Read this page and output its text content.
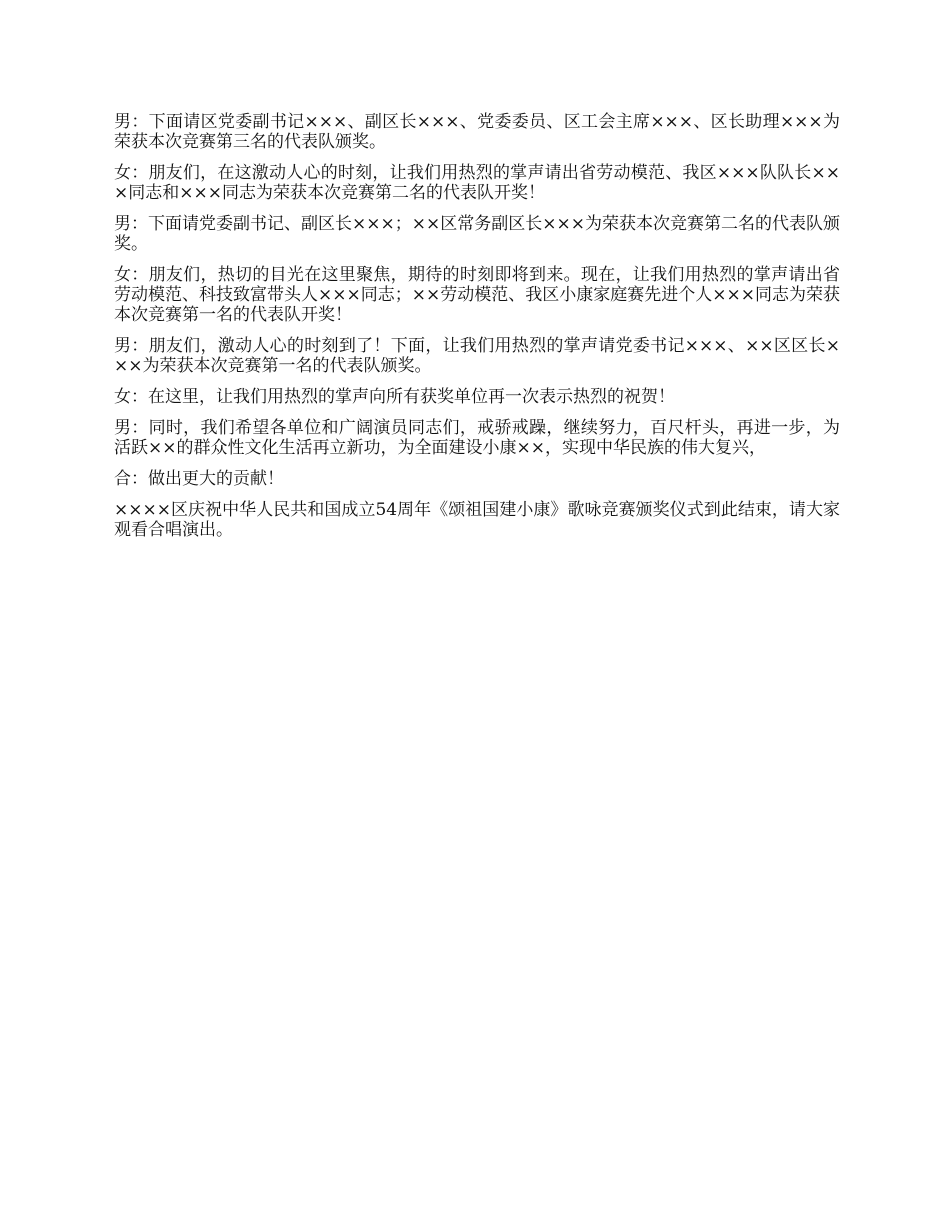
男：下面请区党委副书记×××、副区长×××、党委委员、区工会主席×××、区长助理×××为荣获本次竞赛第三名的代表队颁奖。

女：朋友们，在这激动人心的时刻，让我们用热烈的掌声请出省劳动模范、我区×××队队长×××同志和×××同志为荣获本次竞赛第二名的代表队开奖！

男：下面请党委副书记、副区长×××；××区常务副区长×××为荣获本次竞赛第二名的代表队颁奖。

女：朋友们，热切的目光在这里聚焦，期待的时刻即将到来。现在，让我们用热烈的掌声请出省劳动模范、科技致富带头人×××同志；××劳动模范、我区小康家庭赛先进个人×××同志为荣获本次竞赛第一名的代表队开奖！

男：朋友们，激动人心的时刻到了！下面，让我们用热烈的掌声请党委书记×××、××区区长×××为荣获本次竞赛第一名的代表队颁奖。

女：在这里，让我们用热烈的掌声向所有获奖单位再一次表示热烈的祝贺！

男：同时，我们希望各单位和广阔演员同志们，戒骄戒躁，继续努力，百尺杆头，再进一步，为活跃××的群众性文化生活再立新功，为全面建设小康××，实现中华民族的伟大复兴，

合：做出更大的贡献！

××××区庆祝中华人民共和国成立54周年《颂祖国建小康》歌咏竞赛颁奖仪式到此结束，请大家观看合唱演出。
